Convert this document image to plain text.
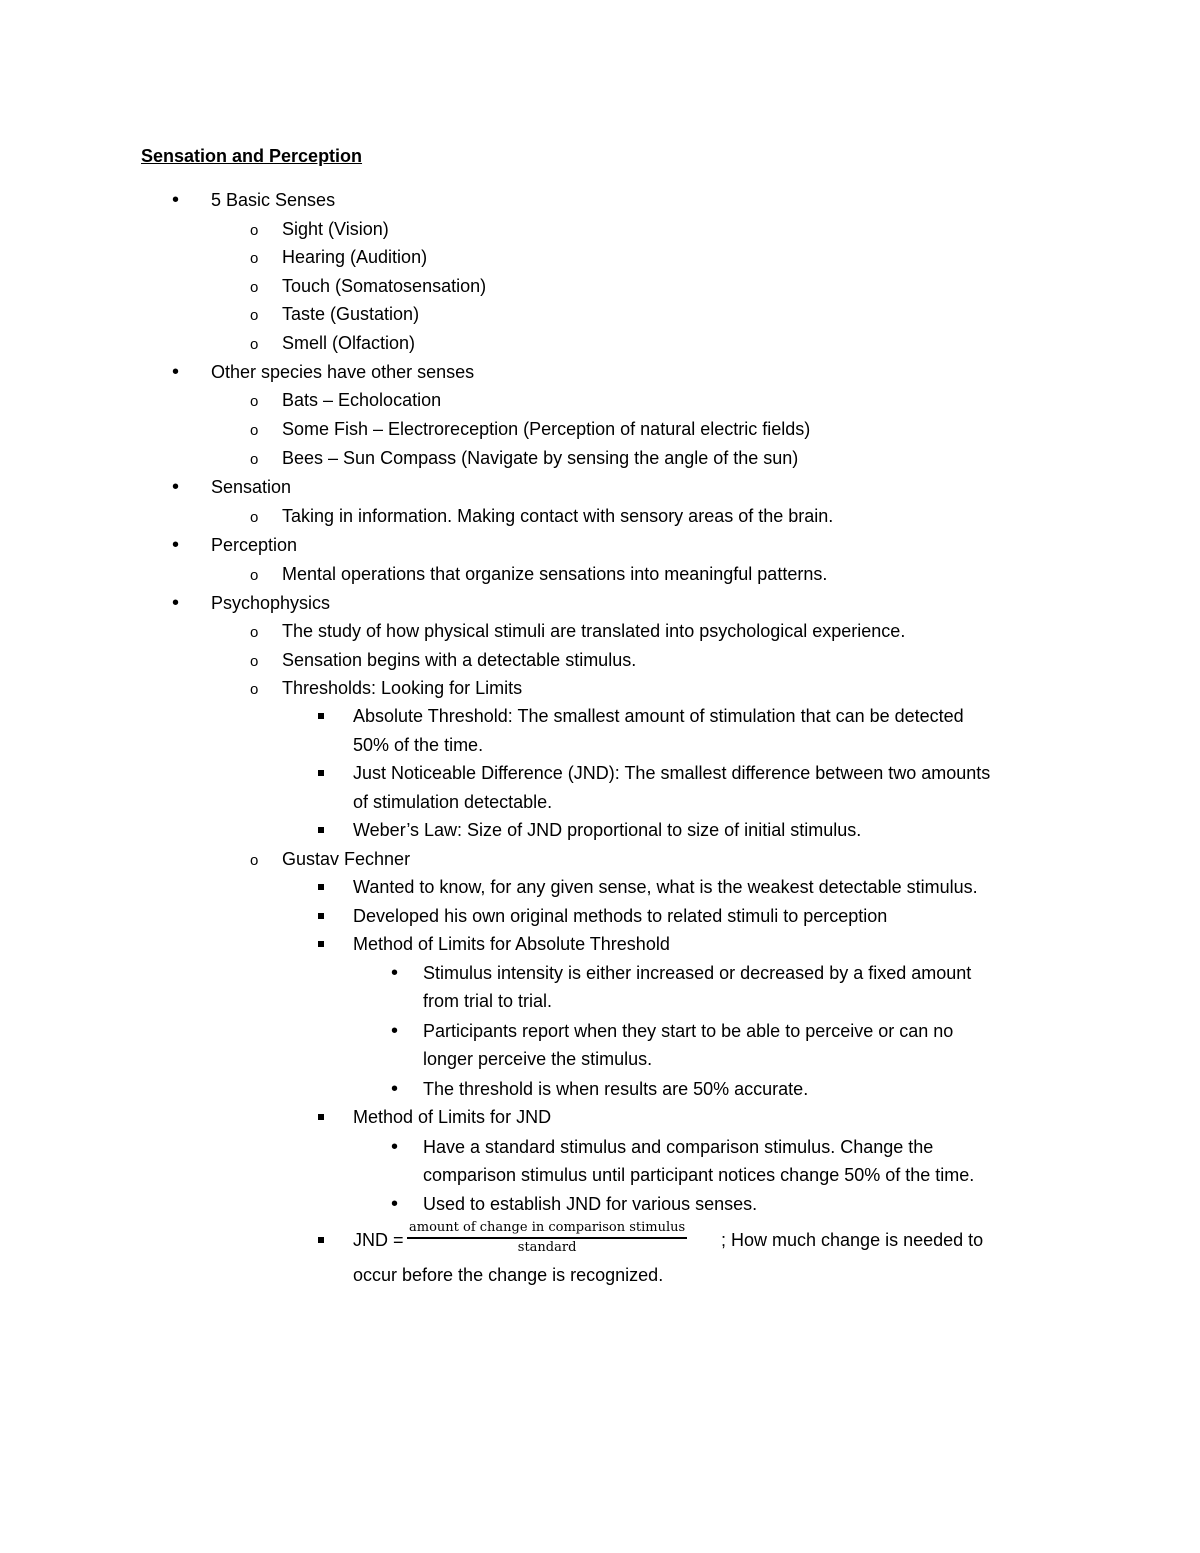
Sensation and Perception
•
5 Basic Senses
o
Sight (Vision)
o
Hearing (Audition)
o
Touch (Somatosensation)
o
Taste (Gustation)
o
Smell (Olfaction)
•
Other species have other senses
o
Bats – Echolocation
o
Some Fish – Electroreception (Perception of natural electric fields)
o
Bees – Sun Compass (Navigate by sensing the angle of the sun)
•
Sensation
o
Taking in information. Making contact with sensory areas of the brain.
•
Perception
o
Mental operations that organize sensations into meaningful patterns.
•
Psychophysics
o
The study of how physical stimuli are translated into psychological experience.
o
Sensation begins with a detectable stimulus.
o
Thresholds: Looking for Limits
Absolute Threshold: The smallest amount of stimulation that can be detected
50% of the time.
Just Noticeable Difference (JND): The smallest difference between two amounts
of stimulation detectable.
Weber’s Law: Size of JND proportional to size of initial stimulus.
o
Gustav Fechner
Wanted to know, for any given sense, what is the weakest detectable stimulus.
Developed his own original methods to related stimuli to perception
Method of Limits for Absolute Threshold
•
Stimulus intensity is either increased or decreased by a fixed amount
from trial to trial.
•
Participants report when they start to be able to perceive or can no
longer perceive the stimulus.
•
The threshold is when results are 50% accurate.
Method of Limits for JND
•
Have a standard stimulus and comparison stimulus. Change the
comparison stimulus until participant notices change 50% of the time.
•
Used to establish JND for various senses.
JND =
amount of change in comparison stimulus
standard	; How much change is needed to
occur before the change is recognized.
